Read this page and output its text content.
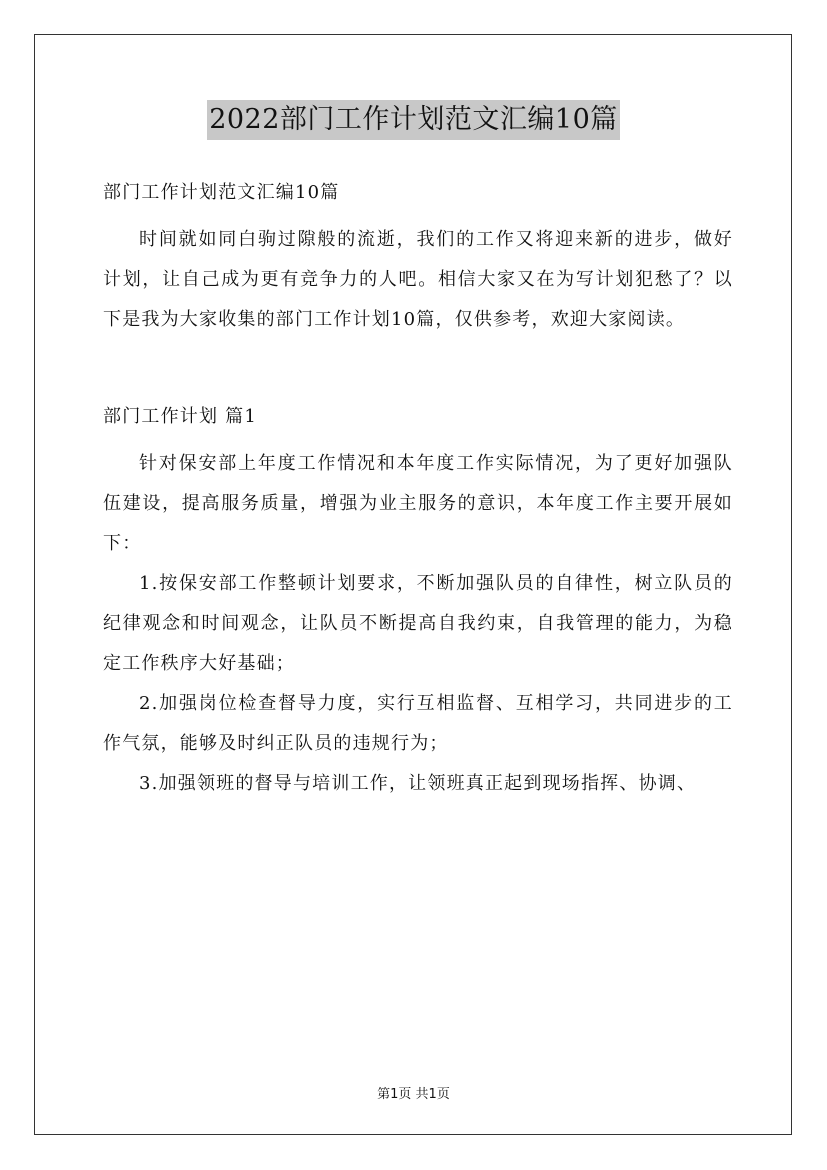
2022部门工作计划范文汇编10篇
部门工作计划范文汇编10篇

时间就如同白驹过隙般的流逝，我们的工作又将迎来新的进步，做好计划，让自己成为更有竞争力的人吧。相信大家又在为写计划犯愁了？以下是我为大家收集的部门工作计划10篇，仅供参考，欢迎大家阅读。

部门工作计划 篇1

针对保安部上年度工作情况和本年度工作实际情况，为了更好加强队伍建设，提高服务质量，增强为业主服务的意识，本年度工作主要开展如下：

1.按保安部工作整顿计划要求，不断加强队员的自律性，树立队员的纪律观念和时间观念，让队员不断提高自我约束，自我管理的能力，为稳定工作秩序大好基础；

2.加强岗位检查督导力度，实行互相监督、互相学习，共同进步的工作气氛，能够及时纠正队员的违规行为；

3.加强领班的督导与培训工作，让领班真正起到现场指挥、协调、

第1页 共1页
